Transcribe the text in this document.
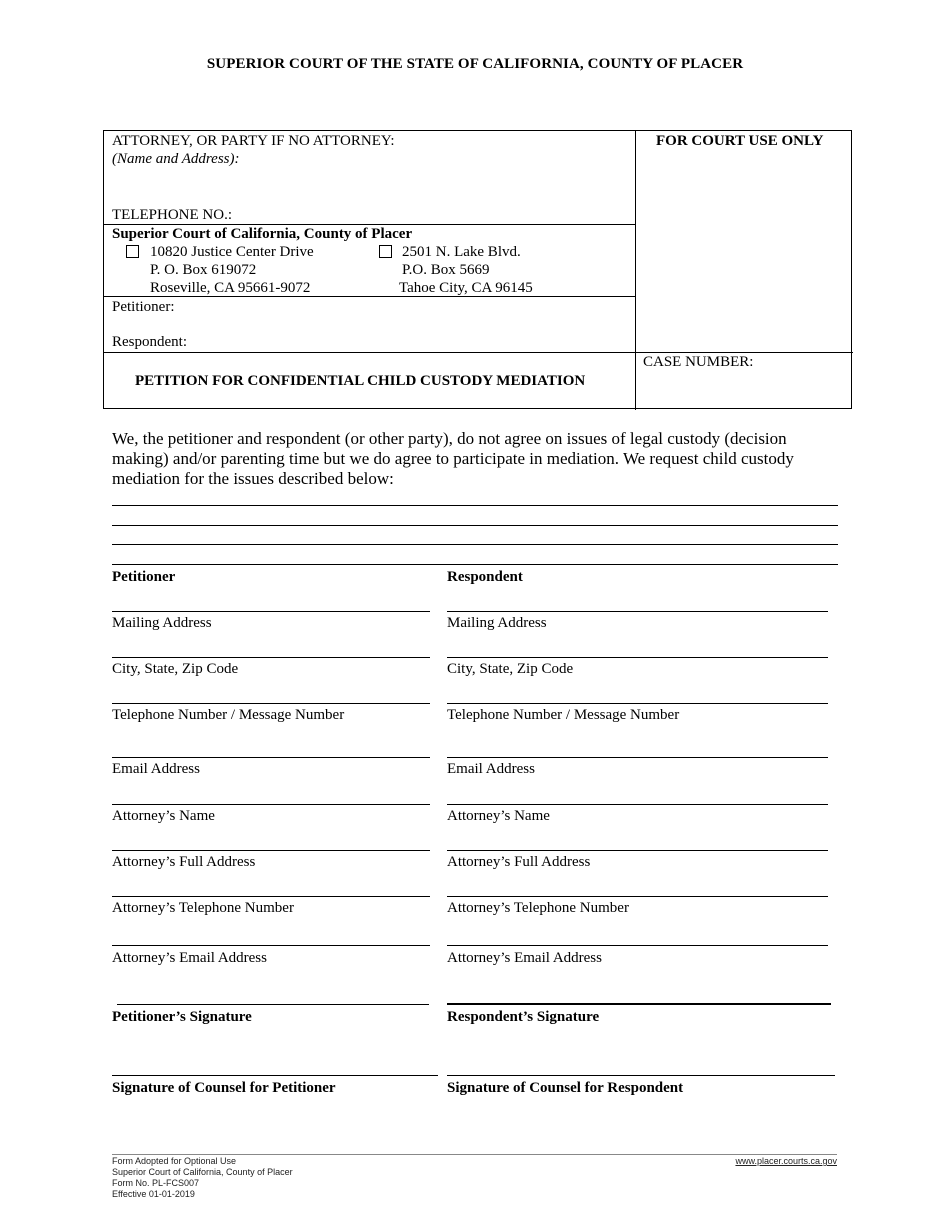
SUPERIOR COURT OF THE STATE OF CALIFORNIA, COUNTY OF PLACER
ATTORNEY, OR PARTY IF NO ATTORNEY:
(Name and Address):
TELEPHONE NO.:
FOR COURT USE ONLY
Superior Court of California, County of Placer
10820 Justice Center Drive
P. O. Box 619072
Roseville, CA 95661-9072
2501 N. Lake Blvd.
P.O. Box 5669
Tahoe City, CA 96145
Petitioner:
Respondent:
PETITION FOR CONFIDENTIAL CHILD CUSTODY MEDIATION
CASE NUMBER:
We, the petitioner and respondent (or other party), do not agree on issues of legal custody (decision making) and/or parenting time but we do agree to participate in mediation. We request child custody mediation for the issues described below:
Petitioner
Mailing Address
City, State, Zip Code
Telephone Number / Message Number
Email Address
Attorney’s Name
Attorney’s Full Address
Attorney’s Telephone Number
Attorney’s Email Address
Petitioner’s Signature
Signature of Counsel for Petitioner
Respondent
Mailing Address
City, State, Zip Code
Telephone Number / Message Number
Email Address
Attorney’s Name
Attorney’s Full Address
Attorney’s Telephone Number
Attorney’s Email Address
Respondent’s Signature
Signature of Counsel for Respondent
Form Adopted for Optional Use
Superior Court of California, County of Placer
Form No. PL-FCS007
Effective 01-01-2019
www.placer.courts.ca.gov
